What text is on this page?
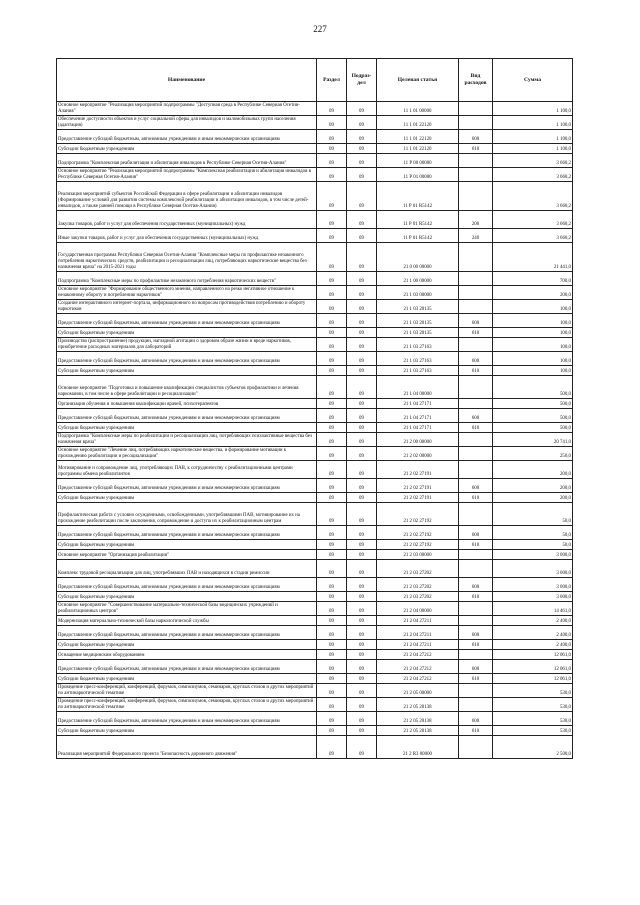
227
Наименование	Раздел	Подраз-дел	Целевая статья	Вид расходов	Сумма
Основное мероприятие "Реализация мероприятий подпрограммы "Доступная среда в Республике Северная Осетия-Алания"	09	09	11 1 01 00000		1 100,0
Обеспечение доступности объектов и услуг социальной сферы для инвалидов и маломобильных групп населения (адаптация)	09	09	11 1 01 22120		1 100,0
Предоставление субсидий бюджетным, автономным учреждениям и иным некоммерческим организациям	09	09	11 1 01 22120	600	1 100,0
Субсидии бюджетным учреждениям	09	09	11 1 01 22120	610	1 100,0
Подпрограмма "Комплексная реабилитация и абилитация инвалидов в Республике Северная Осетия-Алания"	09	09	11 Р 00 00000		3 660,2
Основное мероприятие "Реализация мероприятий подпрограммы "Комплексная реабилитация и абилитация инвалидов в Республике Северная Осетия-Алания"	09	09	11 Р 01 00000		3 660,2
Реализация мероприятий субъектов Российской Федерации в сфере реабилитации и абилитации инвалидов (Формирование условий для развития системы комплексной реабилитации и абилитации инвалидов, в том числе детей-инвалидов, а также ранней помощи в Республике Северная Осетия-Алания)	09	09	11 Р 01 R5142		3 660,2
Закупка товаров, работ и услуг для обеспечения государственных (муниципальных) нужд	09	09	11 Р 01 R5142	200	3 660,2
Иные закупки товаров, работ и услуг для обеспечения государственных (муниципальных) нужд	09	09	11 Р 01 R5142	240	3 660,2
Государственная программа Республики Северная Осетия-Алания "Комплексные меры по профилактике незаконного потребления наркотических средств, реабилитации и ресоциализации лиц, потребляющих наркотические вещества без назначения врача" на 2015-2021 годы	09	09	21 0 00 00000		21 441,0
Подпрограмма "Комплексные меры по профилактике незаконного потребления наркотических веществ"	09	09	21 1 00 00000		700,0
Основное мероприятие "Формирование общественного мнения, направленного на резко негативное отношение к незаконному обороту и потреблению наркотиков"	09	09	21 1 03 00000		200,0
Создание интерактивного интернет-портала, информационного по вопросам противодействия потреблению и обороту наркотиков	09	09	21 1 03 20135		100,0
Предоставление субсидий бюджетным, автономным учреждениям и иным некоммерческим организациям	09	09	21 1 03 20135	600	100,0
Субсидии бюджетным учреждениям	09	09	21 1 03 20135	610	100,0
Производство (распространение) продукции, наглядной агитации о здоровом образе жизни и вреде наркотиков, приобретение расходных материалов для лабораторий	09	09	21 1 03 27163		100,0
Предоставление субсидий бюджетным, автономным учреждениям и иным некоммерческим организациям	09	09	21 1 03 27163	600	100,0
Субсидии бюджетным учреждениям	09	09	21 1 03 27163	610	100,0
Основное мероприятие "Подготовка и повышение квалификации специалистов субъектов профилактики и лечения наркомании, в том числе в сфере реабилитации и ресоциализации"	09	09	21 1 04 00000		500,0
Организация обучения и повышения квалификации врачей, психотерапевтов	09	09	21 1 04 27171		500,0
Предоставление субсидий бюджетным, автономным учреждениям и иным некоммерческим организациям	09	09	21 1 04 27171	600	500,0
Субсидии бюджетным учреждениям	09	09	21 1 04 27171	610	500,0
Подпрограмма "Комплексные меры по реабилитации и ресоциализации лиц, потребляющих психоактивные вещества без назначения врача"	09	09	21 2 00 00000		20 741,0
Основное мероприятие "Лечение лиц, потребляющих наркотические вещества, и формирование мотивации к прохождению реабилитации и ресоциализации"	09	09	21 2 02 00000		250,0
Мотивирование и сопровождение лиц, употребляющих ПАВ, к сотрудничеству с реабилитационными центрами программы обмена реабилитантов	09	09	21 2 02 27191		200,0
Предоставление субсидий бюджетным, автономным учреждениям и иным некоммерческим организациям	09	09	21 2 02 27191	600	200,0
Субсидии бюджетным учреждениям	09	09	21 2 02 27191	610	200,0
Профилактическая работа с условно осужденными, освобожденными, употреблявшими ПАВ, мотивирование их на прохождение реабилитации после заключения, сопровождение и доступа их к реабилитационным центрам	09	09	21 2 02 27192		50,0
Предоставление субсидий бюджетным, автономным учреждениям и иным некоммерческим организациям	09	09	21 2 02 27192	600	50,0
Субсидии бюджетным учреждениям	09	09	21 2 02 27192	610	50,0
Основное мероприятие "Организация реабилитации"	09	09	21 2 03 00000		3 000,0
Комплекс трудовой ресоциализации для лиц, употреблявших ПАВ и находящихся в стадии ремиссии	09	09	21 2 03 27202		3 000,0
Предоставление субсидий бюджетным, автономным учреждениям и иным некоммерческим организациям	09	09	21 2 03 27202	600	3 000,0
Субсидии бюджетным учреждениям	09	09	21 2 03 27202	610	3 000,0
Основное мероприятие "Совершенствование материально-технической базы медицинских учреждений и реабилитационных центров"	09	09	21 2 04 00000		14 461,0
Модернизация материально-технической базы наркологической службы	09	09	21 2 04 27211		2 400,0
Предоставление субсидий бюджетным, автономным учреждениям и иным некоммерческим организациям	09	09	21 2 04 27211	600	2 400,0
Субсидии бюджетным учреждениям	09	09	21 2 04 27211	610	2 400,0
Оснащение медицинским оборудованием	09	09	21 2 04 27212		12 061,0
Предоставление субсидий бюджетным, автономным учреждениям и иным некоммерческим организациям	09	09	21 2 04 27212	600	12 061,0
Субсидии бюджетным учреждениям	09	09	21 2 04 27212	610	12 061,0
Проведение пресс-конференций, конференций, форумов, симпозиумов, семинаров, круглых столов и других мероприятий по антинаркотической тематике	09	09	21 2 05 00000		530,0
Проведение пресс-конференций, конференций, форумов, симпозиумов, семинаров, круглых столов и других мероприятий по антинаркотической тематике	09	09	21 2 05 20138		530,0
Предоставление субсидий бюджетным, автономным учреждениям и иным некоммерческим организациям	09	09	21 2 05 20138	600	530,0
Субсидии бюджетным учреждениям	09	09	21 2 05 20138	610	530,0
Реализация мероприятий Федерального проекта "Безопасность дорожного движения"	09	09	21 2 R3 00000		2 500,0
